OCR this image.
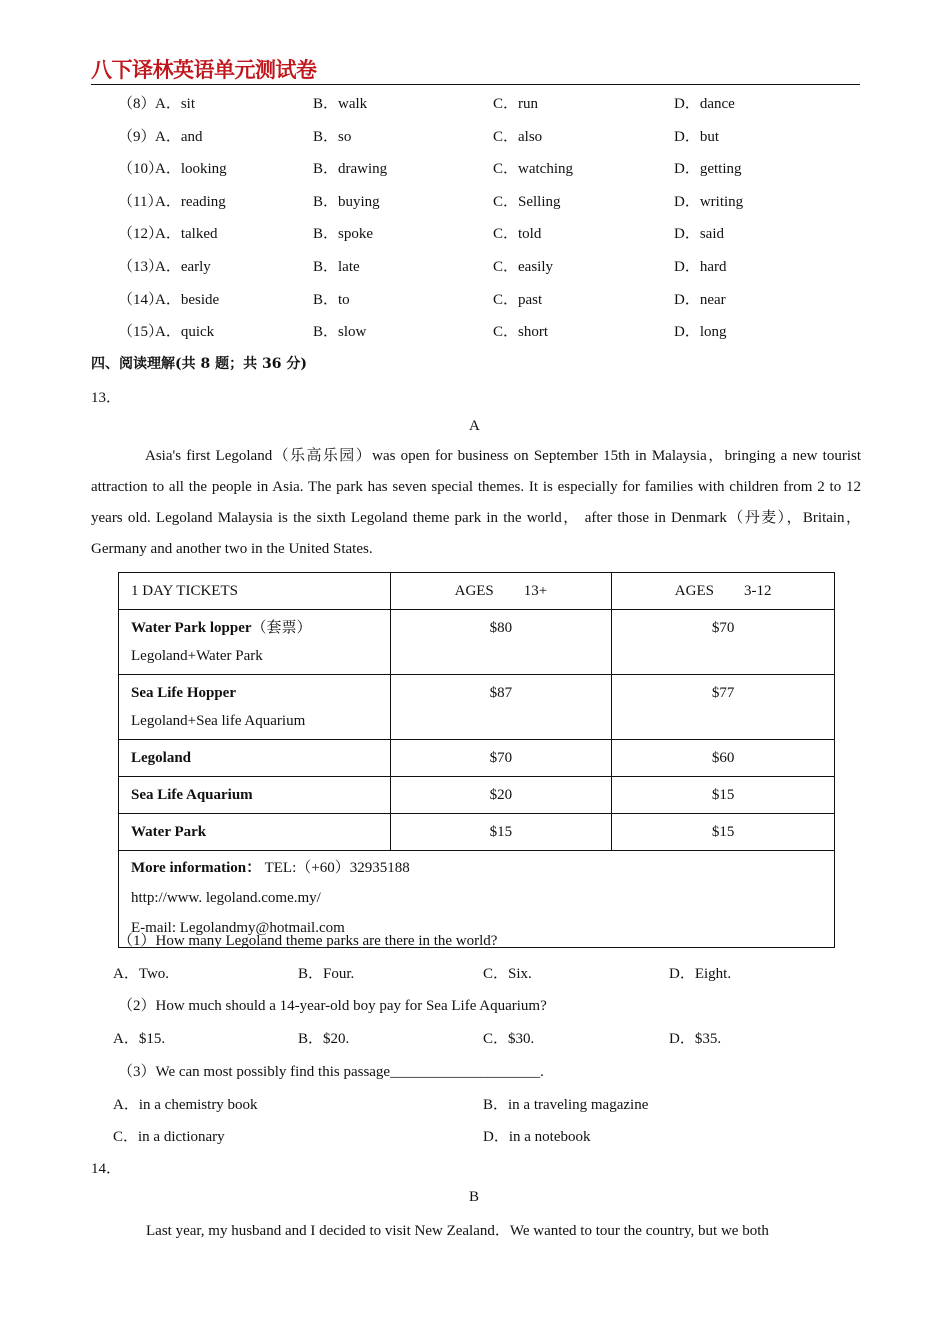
八下译林英语单元测试卷
（8） A．sit	B．walk	C．run	D．dance
（9） A．and	B．so	C．also	D．but
（10）
A．looking	B．drawing	C．watching	D．getting
（11）
A．reading	B．buying	C．Selling	D．writing
（12）
A．talked	B．spoke	C．told	D．said
（13）
A．early	B．late	C．easily	D．hard
（14）
A．beside	B．to	C．past	D．near
（15）
A．quick	B．slow	C．short	D．long
四、阅读理解(共 8 题；共 36 分)
13．
A
Asia's first Legoland（乐高乐园）was open for business on September 15th in Malaysia，bringing a new tourist attraction to all the people in Asia. The park has seven special themes. It is especially for families with children from 2 to 12 years old. Legoland Malaysia is the sixth Legoland theme park in the world， after those in Denmark（丹麦），Britain，Germany and another two in the United States.
1 DAY TICKETS	AGES        13+	AGES        3-12
Water Park lopper（套票）
Legoland+Water Park	$80	$70
Sea Life Hopper
Legoland+Sea life Aquarium	$87	$77
Legoland	$70	$60
Sea Life Aquarium	$20	$15
Water Park	$15	$15
More information： TEL:（+60）32935188
http://www. legoland.come.my/
E-mail: Legolandmy@hotmail.com		
（1）How many Legoland theme parks are there in the world?
A．Two.	B．Four.	C．Six.	D．Eight.
（2）How much should a 14-year-old boy pay for Sea Life Aquarium?
A．$15.	B．$20.	C．$30.	D．$35.
（3）We can most possibly find this passage____________________.
A．in a chemistry book	B．in a traveling magazine
C．in a dictionary	D．in a notebook
14．
B
Last year, my husband and I decided to visit New Zealand．We wanted to tour the country, but we both
